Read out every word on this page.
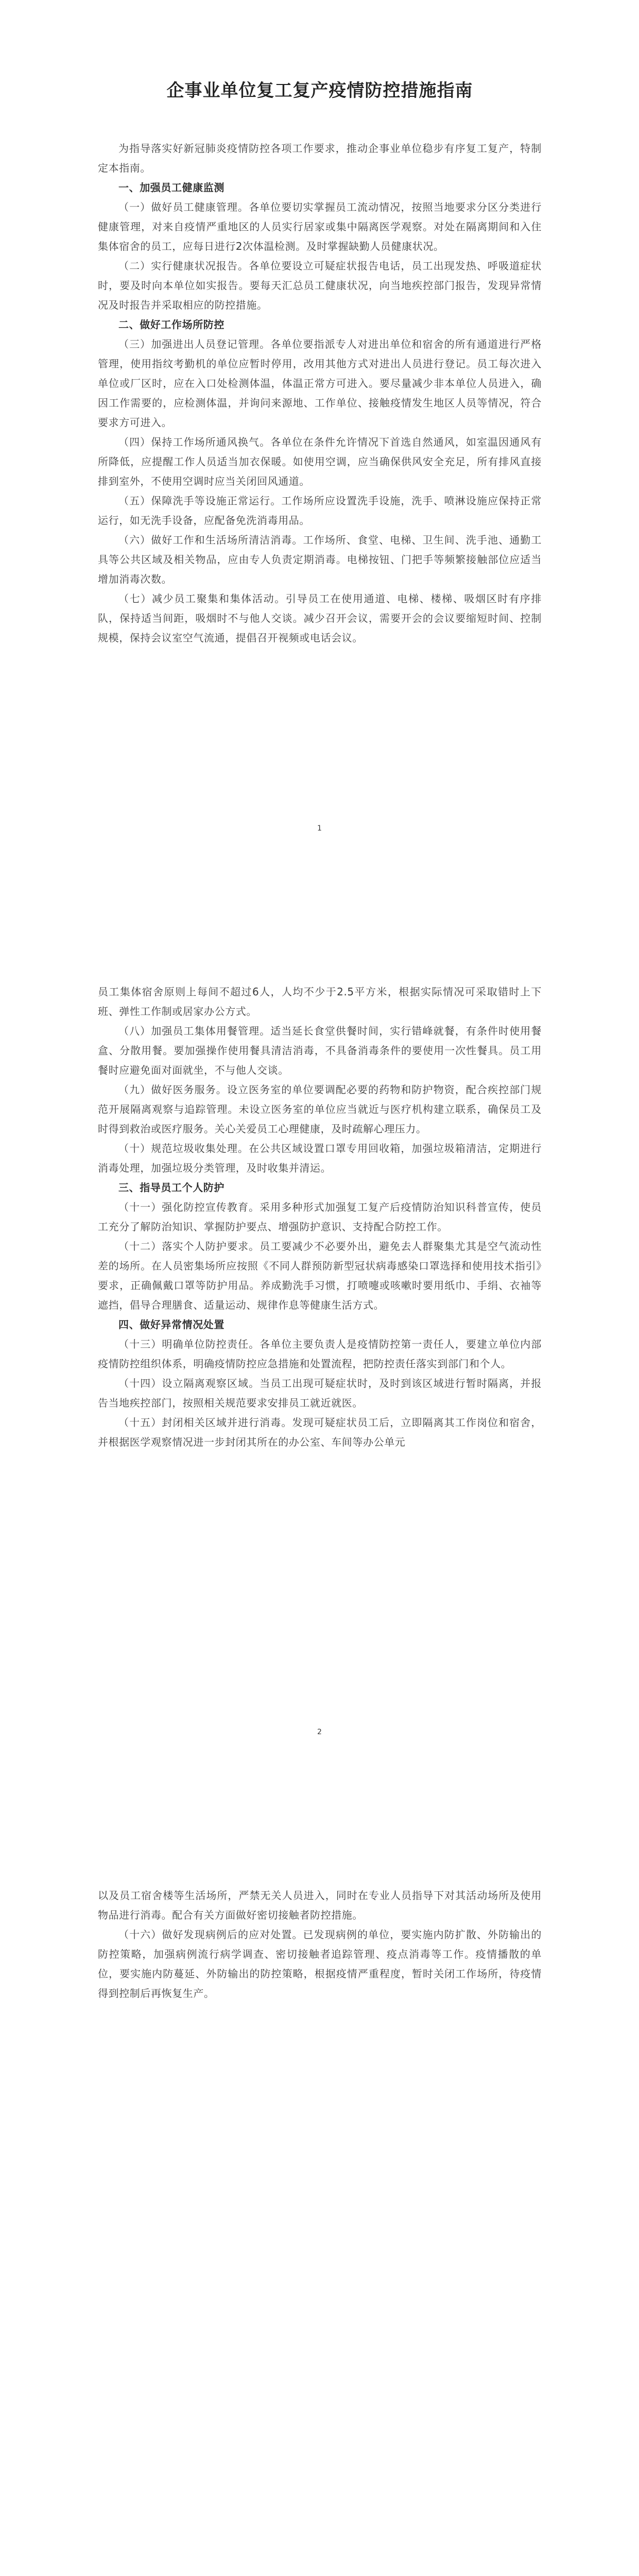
企事业单位复工复产疫情防控措施指南

为指导落实好新冠肺炎疫情防控各项工作要求，推动企事业单位稳步有序复工复产，特制定本指南。

一、加强员工健康监测

（一）做好员工健康管理。各单位要切实掌握员工流动情况，按照当地要求分区分类进行健康管理，对来自疫情严重地区的人员实行居家或集中隔离医学观察。对处在隔离期间和入住集体宿舍的员工，应每日进行2次体温检测。及时掌握缺勤人员健康状况。

（二）实行健康状况报告。各单位要设立可疑症状报告电话，员工出现发热、呼吸道症状时，要及时向本单位如实报告。要每天汇总员工健康状况，向当地疾控部门报告，发现异常情况及时报告并采取相应的防控措施。

二、做好工作场所防控

（三）加强进出人员登记管理。各单位要指派专人对进出单位和宿舍的所有通道进行严格管理，使用指纹考勤机的单位应暂时停用，改用其他方式对进出人员进行登记。员工每次进入单位或厂区时，应在入口处检测体温，体温正常方可进入。要尽量减少非本单位人员进入，确因工作需要的，应检测体温，并询问来源地、工作单位、接触疫情发生地区人员等情况，符合要求方可进入。

（四）保持工作场所通风换气。各单位在条件允许情况下首选自然通风，如室温因通风有所降低，应提醒工作人员适当加衣保暖。如使用空调，应当确保供风安全充足，所有排风直接排到室外，不使用空调时应当关闭回风通道。

（五）保障洗手等设施正常运行。工作场所应设置洗手设施，洗手、喷淋设施应保持正常运行，如无洗手设备，应配备免洗消毒用品。

（六）做好工作和生活场所清洁消毒。工作场所、食堂、电梯、卫生间、洗手池、通勤工具等公共区域及相关物品，应由专人负责定期消毒。电梯按钮、门把手等频繁接触部位应适当增加消毒次数。

（七）减少员工聚集和集体活动。引导员工在使用通道、电梯、楼梯、吸烟区时有序排队，保持适当间距，吸烟时不与他人交谈。减少召开会议，需要开会的会议要缩短时间、控制规模，保持会议室空气流通，提倡召开视频或电话会议。

1

员工集体宿舍原则上每间不超过6人，人均不少于2.5平方米，根据实际情况可采取错时上下班、弹性工作制或居家办公方式。

（八）加强员工集体用餐管理。适当延长食堂供餐时间，实行错峰就餐，有条件时使用餐盒、分散用餐。要加强操作使用餐具清洁消毒，不具备消毒条件的要使用一次性餐具。员工用餐时应避免面对面就坐，不与他人交谈。

（九）做好医务服务。设立医务室的单位要调配必要的药物和防护物资，配合疾控部门规范开展隔离观察与追踪管理。未设立医务室的单位应当就近与医疗机构建立联系，确保员工及时得到救治或医疗服务。关心关爱员工心理健康，及时疏解心理压力。

（十）规范垃圾收集处理。在公共区域设置口罩专用回收箱，加强垃圾箱清洁，定期进行消毒处理，加强垃圾分类管理，及时收集并清运。

三、指导员工个人防护

（十一）强化防控宣传教育。采用多种形式加强复工复产后疫情防治知识科普宣传，使员工充分了解防治知识、掌握防护要点、增强防护意识、支持配合防控工作。

（十二）落实个人防护要求。员工要减少不必要外出，避免去人群聚集尤其是空气流动性差的场所。在人员密集场所应按照《不同人群预防新型冠状病毒感染口罩选择和使用技术指引》要求，正确佩戴口罩等防护用品。养成勤洗手习惯，打喷嚏或咳嗽时要用纸巾、手绢、衣袖等遮挡，倡导合理膳食、适量运动、规律作息等健康生活方式。

四、做好异常情况处置

（十三）明确单位防控责任。各单位主要负责人是疫情防控第一责任人，要建立单位内部疫情防控组织体系，明确疫情防控应急措施和处置流程，把防控责任落实到部门和个人。

（十四）设立隔离观察区域。当员工出现可疑症状时，及时到该区域进行暂时隔离，并报告当地疾控部门，按照相关规范要求安排员工就近就医。

（十五）封闭相关区域并进行消毒。发现可疑症状员工后，立即隔离其工作岗位和宿舍，并根据医学观察情况进一步封闭其所在的办公室、车间等办公单元

2

以及员工宿舍楼等生活场所，严禁无关人员进入，同时在专业人员指导下对其活动场所及使用物品进行消毒。配合有关方面做好密切接触者防控措施。

（十六）做好发现病例后的应对处置。已发现病例的单位，要实施内防扩散、外防输出的防控策略，加强病例流行病学调查、密切接触者追踪管理、疫点消毒等工作。疫情播散的单位，要实施内防蔓延、外防输出的防控策略，根据疫情严重程度，暂时关闭工作场所，待疫情得到控制后再恢复生产。
